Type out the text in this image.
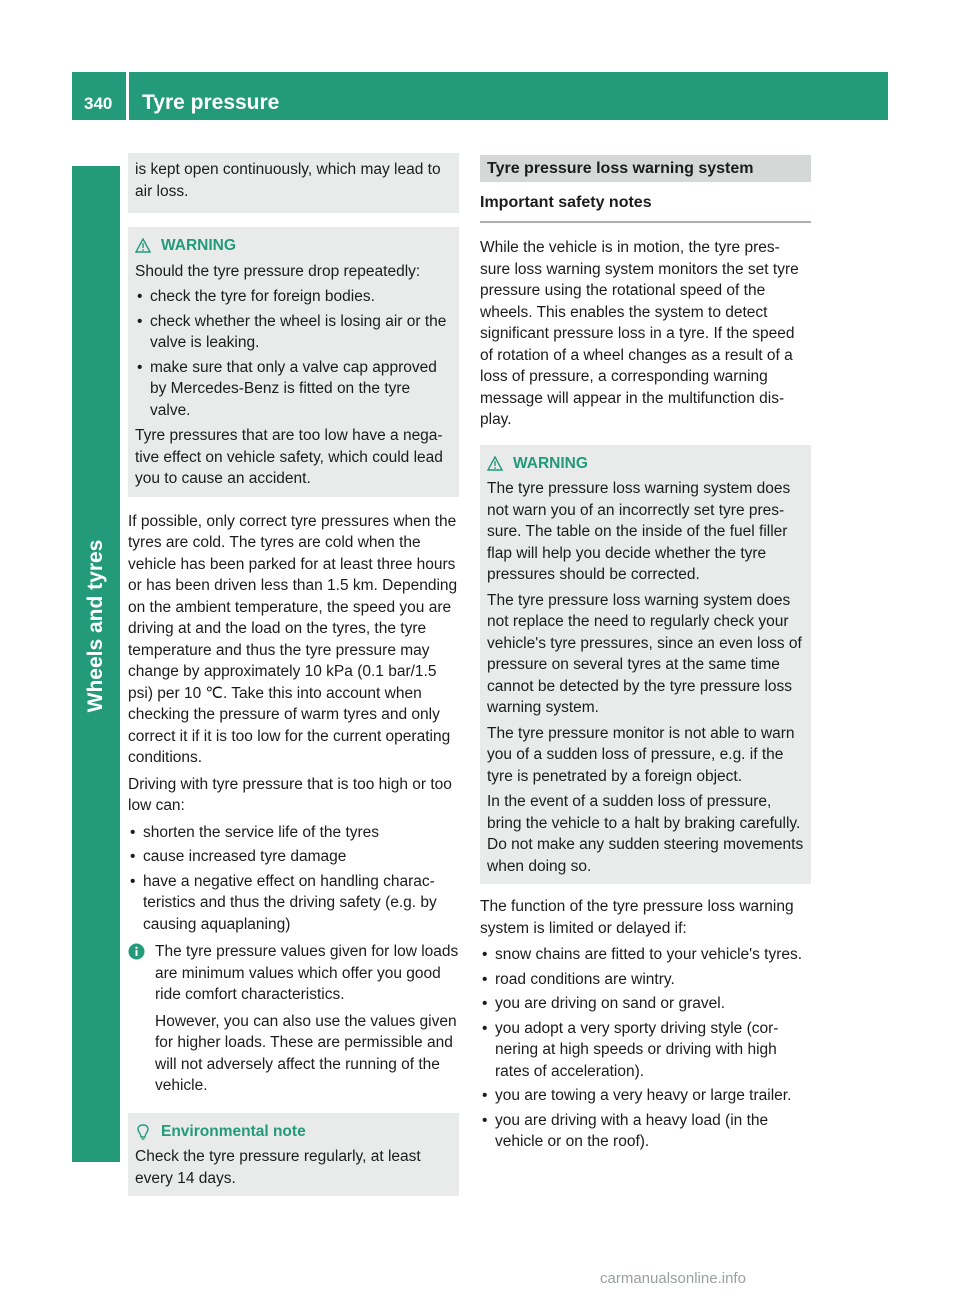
340 Tyre pressure
Wheels and tyres

is kept open continuously, which may lead to air loss.

WARNING

Should the tyre pressure drop repeatedly:

• check the tyre for foreign bodies.
• check whether the wheel is losing air or the valve is leaking.
• make sure that only a valve cap approved by Mercedes-Benz is fitted on the tyre valve.

Tyre pressures that are too low have a nega- tive effect on vehicle safety, which could lead you to cause an accident.

If possible, only correct tyre pressures when the tyres are cold. The tyres are cold when the vehicle has been parked for at least three hours or has been driven less than 1.5 km. Depending on the ambient temperature, the speed you are driving at and the load on the tyres, the tyre temperature and thus the tyre pressure may change by approximately 10 kPa (0.1 bar/1.5 psi) per 10 ℃. Take this into account when checking the pressure of warm tyres and only correct it if it is too low for the current operating conditions.

Driving with tyre pressure that is too high or too low can:

• shorten the service life of the tyres
• cause increased tyre damage
• have a negative effect on handling charac- teristics and thus the driving safety (e.g. by causing aquaplaning)

The tyre pressure values given for low loads are minimum values which offer you good ride comfort characteristics.

However, you can also use the values given for higher loads. These are permissible and will not adversely affect the running of the vehicle.

Environmental note

Check the tyre pressure regularly, at least every 14 days.

Tyre pressure loss warning system
Important safety notes

While the vehicle is in motion, the tyre pres- sure loss warning system monitors the set tyre pressure using the rotational speed of the wheels. This enables the system to detect significant pressure loss in a tyre. If the speed of rotation of a wheel changes as a result of a loss of pressure, a corresponding warning message will appear in the multifunction dis- play.

WARNING

The tyre pressure loss warning system does not warn you of an incorrectly set tyre pres- sure. The table on the inside of the fuel filler flap will help you decide whether the tyre pressures should be corrected.

The tyre pressure loss warning system does not replace the need to regularly check your vehicle's tyre pressures, since an even loss of pressure on several tyres at the same time cannot be detected by the tyre pressure loss warning system.

The tyre pressure monitor is not able to warn you of a sudden loss of pressure, e.g. if the tyre is penetrated by a foreign object.

In the event of a sudden loss of pressure, bring the vehicle to a halt by braking carefully. Do not make any sudden steering movements when doing so.

The function of the tyre pressure loss warning system is limited or delayed if:

• snow chains are fitted to your vehicle's tyres.
• road conditions are wintry.
• you are driving on sand or gravel.
• you adopt a very sporty driving style (cor- nering at high speeds or driving with high rates of acceleration).
• you are towing a very heavy or large trailer.
• you are driving with a heavy load (in the vehicle or on the roof).
carmanualsonline.info
